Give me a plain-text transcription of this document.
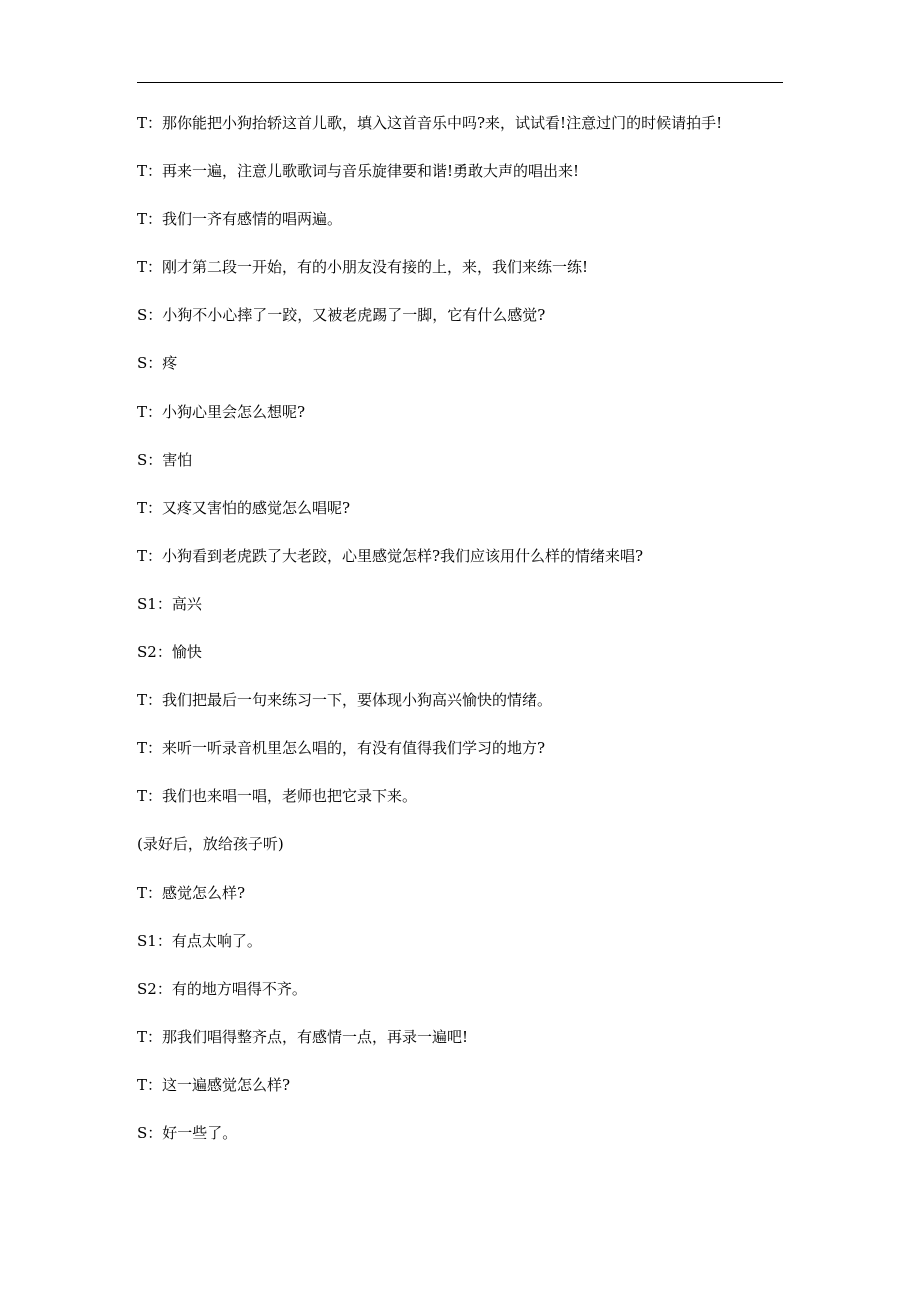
T：那你能把小狗抬轿这首儿歌，填入这首音乐中吗?来，试试看!注意过门的时候请拍手!
T：再来一遍，注意儿歌歌词与音乐旋律要和谐!勇敢大声的唱出来!
T：我们一齐有感情的唱两遍。
T：刚才第二段一开始，有的小朋友没有接的上，来，我们来练一练!
S：小狗不小心摔了一跤，又被老虎踢了一脚，它有什么感觉?
S：疼
T：小狗心里会怎么想呢?
S：害怕
T：又疼又害怕的感觉怎么唱呢?
T：小狗看到老虎跌了大老跤，心里感觉怎样?我们应该用什么样的情绪来唱?
S1：高兴
S2：愉快
T：我们把最后一句来练习一下，要体现小狗高兴愉快的情绪。
T：来听一听录音机里怎么唱的，有没有值得我们学习的地方?
T：我们也来唱一唱，老师也把它录下来。
(录好后，放给孩子听)
T：感觉怎么样?
S1：有点太响了。
S2：有的地方唱得不齐。
T：那我们唱得整齐点，有感情一点，再录一遍吧!
T：这一遍感觉怎么样?
S：好一些了。
